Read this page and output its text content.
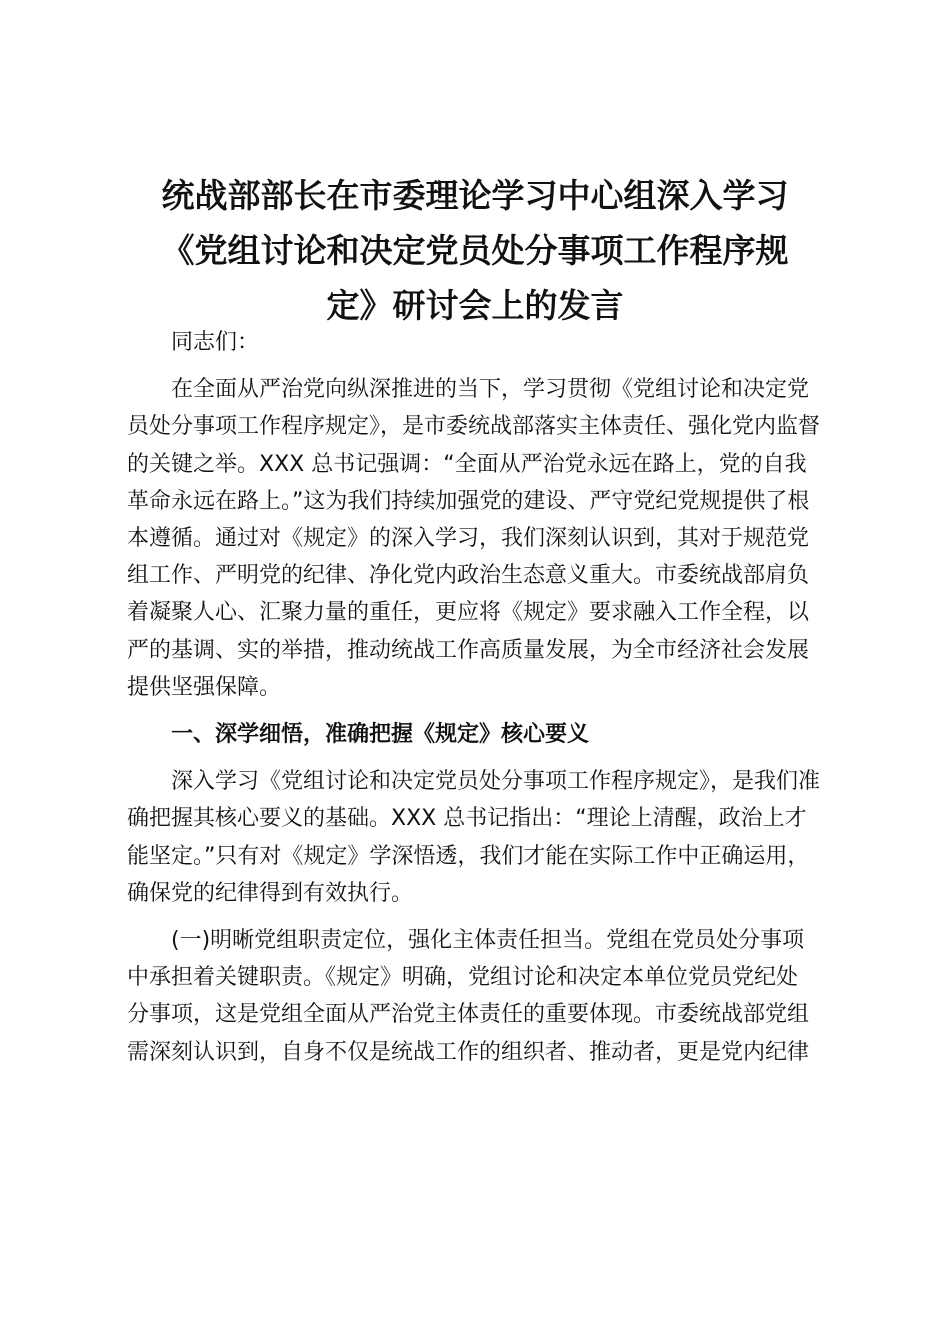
统战部部长在市委理论学习中心组深入学习
《党组讨论和决定党员处分事项工作程序规
定》研讨会上的发言
同志们：
在全面从严治党向纵深推进的当下，学习贯彻《党组讨论和决定党
员处分事项工作程序规定》，是市委统战部落实主体责任、强化党内监督
的关键之举。XXX 总书记强调：“全面从严治党永远在路上，党的自我
革命永远在路上。”这为我们持续加强党的建设、严守党纪党规提供了根
本遵循。通过对《规定》的深入学习，我们深刻认识到，其对于规范党
组工作、严明党的纪律、净化党内政治生态意义重大。市委统战部肩负
着凝聚人心、汇聚力量的重任，更应将《规定》要求融入工作全程，以
严的基调、实的举措，推动统战工作高质量发展，为全市经济社会发展
提供坚强保障。
一、深学细悟，准确把握《规定》核心要义
深入学习《党组讨论和决定党员处分事项工作程序规定》，是我们准
确把握其核心要义的基础。XXX 总书记指出：“理论上清醒，政治上才
能坚定。”只有对《规定》学深悟透，我们才能在实际工作中正确运用，
确保党的纪律得到有效执行。
(一)明晰党组职责定位，强化主体责任担当。党组在党员处分事项
中承担着关键职责。《规定》明确，党组讨论和决定本单位党员党纪处
分事项，这是党组全面从严治党主体责任的重要体现。市委统战部党组
需深刻认识到，自身不仅是统战工作的组织者、推动者，更是党内纪律
